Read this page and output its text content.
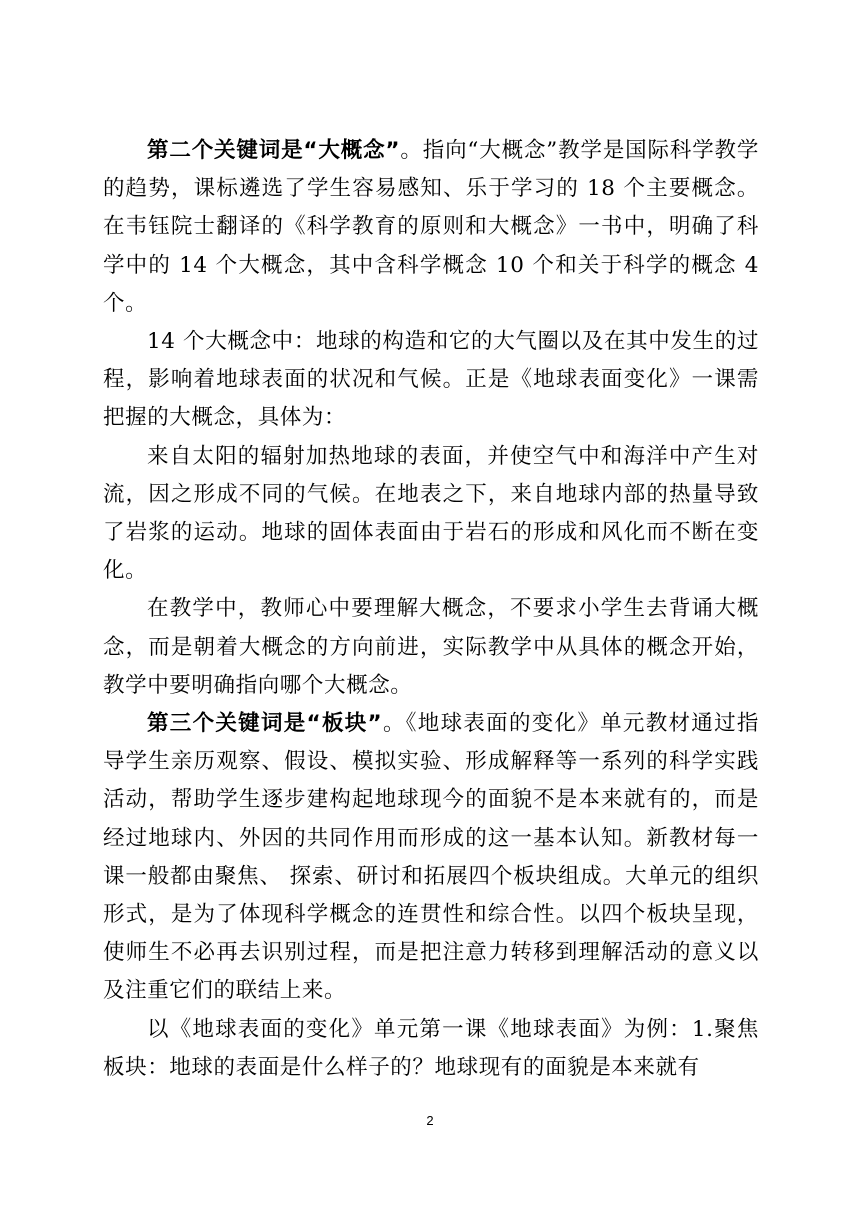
第二个关键词是“大概念”。指向“大概念”教学是国际科学教学的趋势，课标遴选了学生容易感知、乐于学习的 18 个主要概念。在韦钰院士翻译的《科学教育的原则和大概念》一书中，明确了科学中的 14 个大概念，其中含科学概念 10 个和关于科学的概念 4 个。

14 个大概念中：地球的构造和它的大气圈以及在其中发生的过程，影响着地球表面的状况和气候。正是《地球表面变化》一课需把握的大概念，具体为：

来自太阳的辐射加热地球的表面，并使空气中和海洋中产生对流，因之形成不同的气候。在地表之下，来自地球内部的热量导致了岩浆的运动。地球的固体表面由于岩石的形成和风化而不断在变化。

在教学中，教师心中要理解大概念，不要求小学生去背诵大概念，而是朝着大概念的方向前进，实际教学中从具体的概念开始，教学中要明确指向哪个大概念。

第三个关键词是“板块”。《地球表面的变化》单元教材通过指导学生亲历观察、假设、模拟实验、形成解释等一系列的科学实践活动，帮助学生逐步建构起地球现今的面貌不是本来就有的，而是经过地球内、外因的共同作用而形成的这一基本认知。新教材每一课一般都由聚焦、 探索、研讨和拓展四个板块组成。大单元的组织形式，是为了体现科学概念的连贯性和综合性。以四个板块呈现，使师生不必再去识别过程，而是把注意力转移到理解活动的意义以及注重它们的联结上来。

以《地球表面的变化》单元第一课《地球表面》为例：1.聚焦板块：地球的表面是什么样子的？地球现有的面貌是本来就有

2
